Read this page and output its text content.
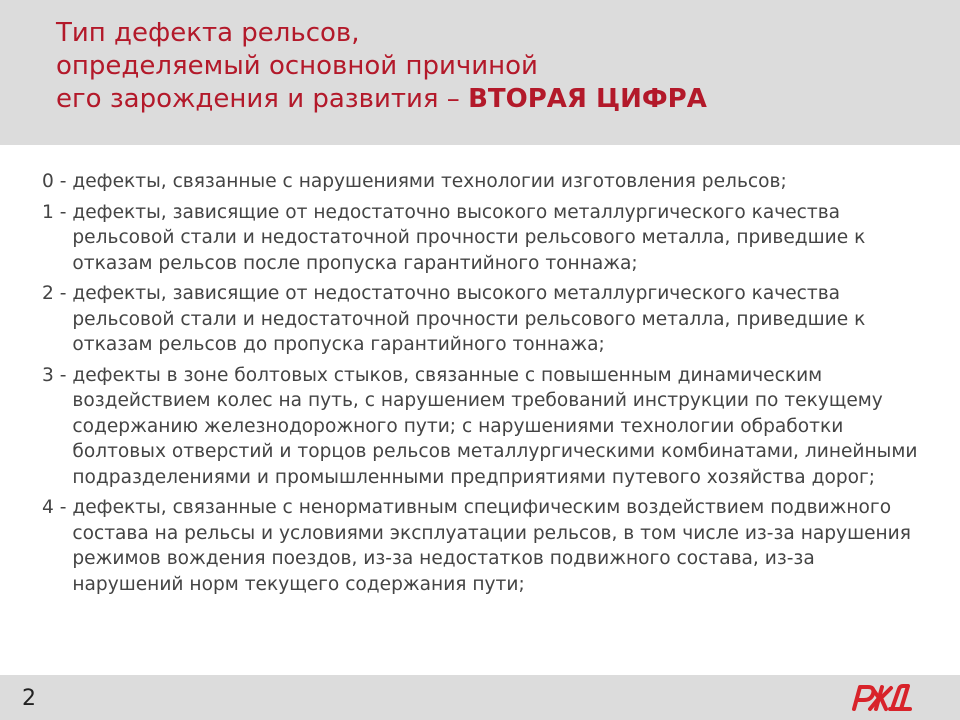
Тип дефекта рельсов,
определяемый основной причиной
его зарождения и развития – ВТОРАЯ ЦИФРА
0 - дефекты, связанные с нарушениями технологии изготовления рельсов;
1 - дефекты, зависящие от недостаточно высокого металлургического качества рельсовой стали и недостаточной прочности рельсового металла, приведшие к отказам рельсов после пропуска гарантийного тоннажа;
2 - дефекты, зависящие от недостаточно высокого металлургического качества рельсовой стали и недостаточной прочности рельсового металла, приведшие к отказам рельсов до пропуска гарантийного тоннажа;
3 - дефекты в зоне болтовых стыков, связанные с повышенным динамическим воздействием колес на путь, с нарушением требований инструкции по текущему содержанию железнодорожного пути; с нарушениями технологии обработки болтовых отверстий и торцов рельсов металлургическими комбинатами, линейными подразделениями и промышленными предприятиями путевого хозяйства дорог;
4 - дефекты, связанные с ненормативным специфическим воздействием подвижного состава на рельсы и условиями эксплуатации рельсов, в том числе из-за нарушения режимов вождения поездов, из-за недостатков подвижного состава, из-за нарушений норм текущего содержания пути;
2
